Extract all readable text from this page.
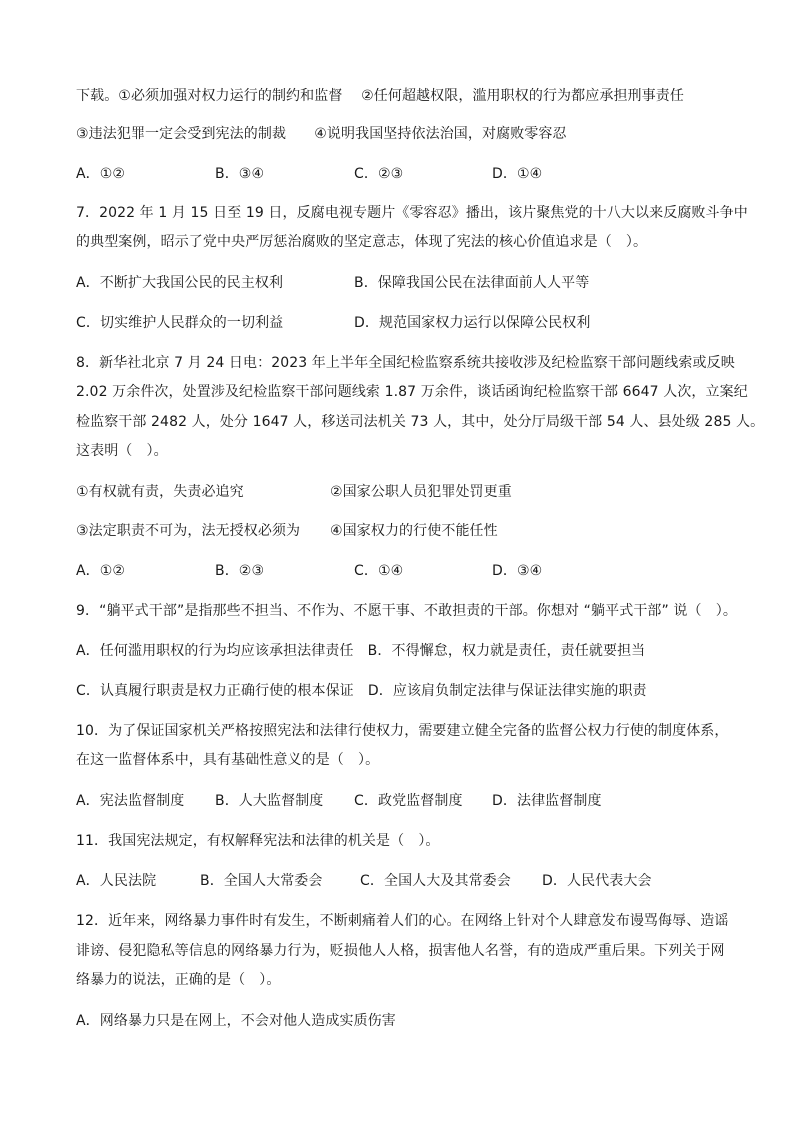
下载。①必须加强对权力运行的制约和监督　 ②任何超越权限，滥用职权的行为都应承担刑事责任
③违法犯罪一定会受到宪法的制裁　　④说明我国坚持依法治国，对腐败零容忍
A．①②	B．③④	C．②③	D．①④
7．2022 年 1 月 15 日至 19 日，反腐电视专题片《零容忍》播出，该片聚焦党的十八大以来反腐败斗争中
的典型案例，昭示了党中央严厉惩治腐败的坚定意志，体现了宪法的核心价值追求是（　）。
A．不断扩大我国公民的民主权利	B．保障我国公民在法律面前人人平等
C．切实维护人民群众的一切利益	D．规范国家权力运行以保障公民权利
8．新华社北京 7 月 24 日电：2023 年上半年全国纪检监察系统共接收涉及纪检监察干部问题线索或反映
2.02 万余件次，处置涉及纪检监察干部问题线索 1.87 万余件，谈话函询纪检监察干部 6647 人次，立案纪
检监察干部 2482 人，处分 1647 人，移送司法机关 73 人，其中，处分厅局级干部 54 人、县处级 285 人。
这表明（　）。
①有权就有责，失责必追究	②国家公职人员犯罪处罚更重
③法定职责不可为，法无授权必须为 ④国家权力的行使不能任性
A．①②	B．②③	C．①④	D．③④
9．“躺平式干部”是指那些不担当、不作为、不愿干事、不敢担责的干部。你想对 “躺平式干部” 说（　）。
A．任何滥用职权的行为均应该承担法律责任　B．不得懈怠，权力就是责任，责任就要担当
C．认真履行职责是权力正确行使的根本保证　D．应该肩负制定法律与保证法律实施的职责
10．为了保证国家机关严格按照宪法和法律行使权力，需要建立健全完备的监督公权力行使的制度体系，
在这一监督体系中，具有基础性意义的是（　）。
A．宪法监督制度 B．人大监督制度 C．政党监督制度 D．法律监督制度
11．我国宪法规定，有权解释宪法和法律的机关是（　）。
A．人民法院	B．全国人大常委会	C．全国人大及其常委会 D．人民代表大会
12．近年来，网络暴力事件时有发生，不断刺痛着人们的心。在网络上针对个人肆意发布谩骂侮辱、造谣
诽谤、侵犯隐私等信息的网络暴力行为，贬损他人人格，损害他人名誉，有的造成严重后果。下列关于网
络暴力的说法，正确的是（　）。
A．网络暴力只是在网上，不会对他人造成实质伤害
